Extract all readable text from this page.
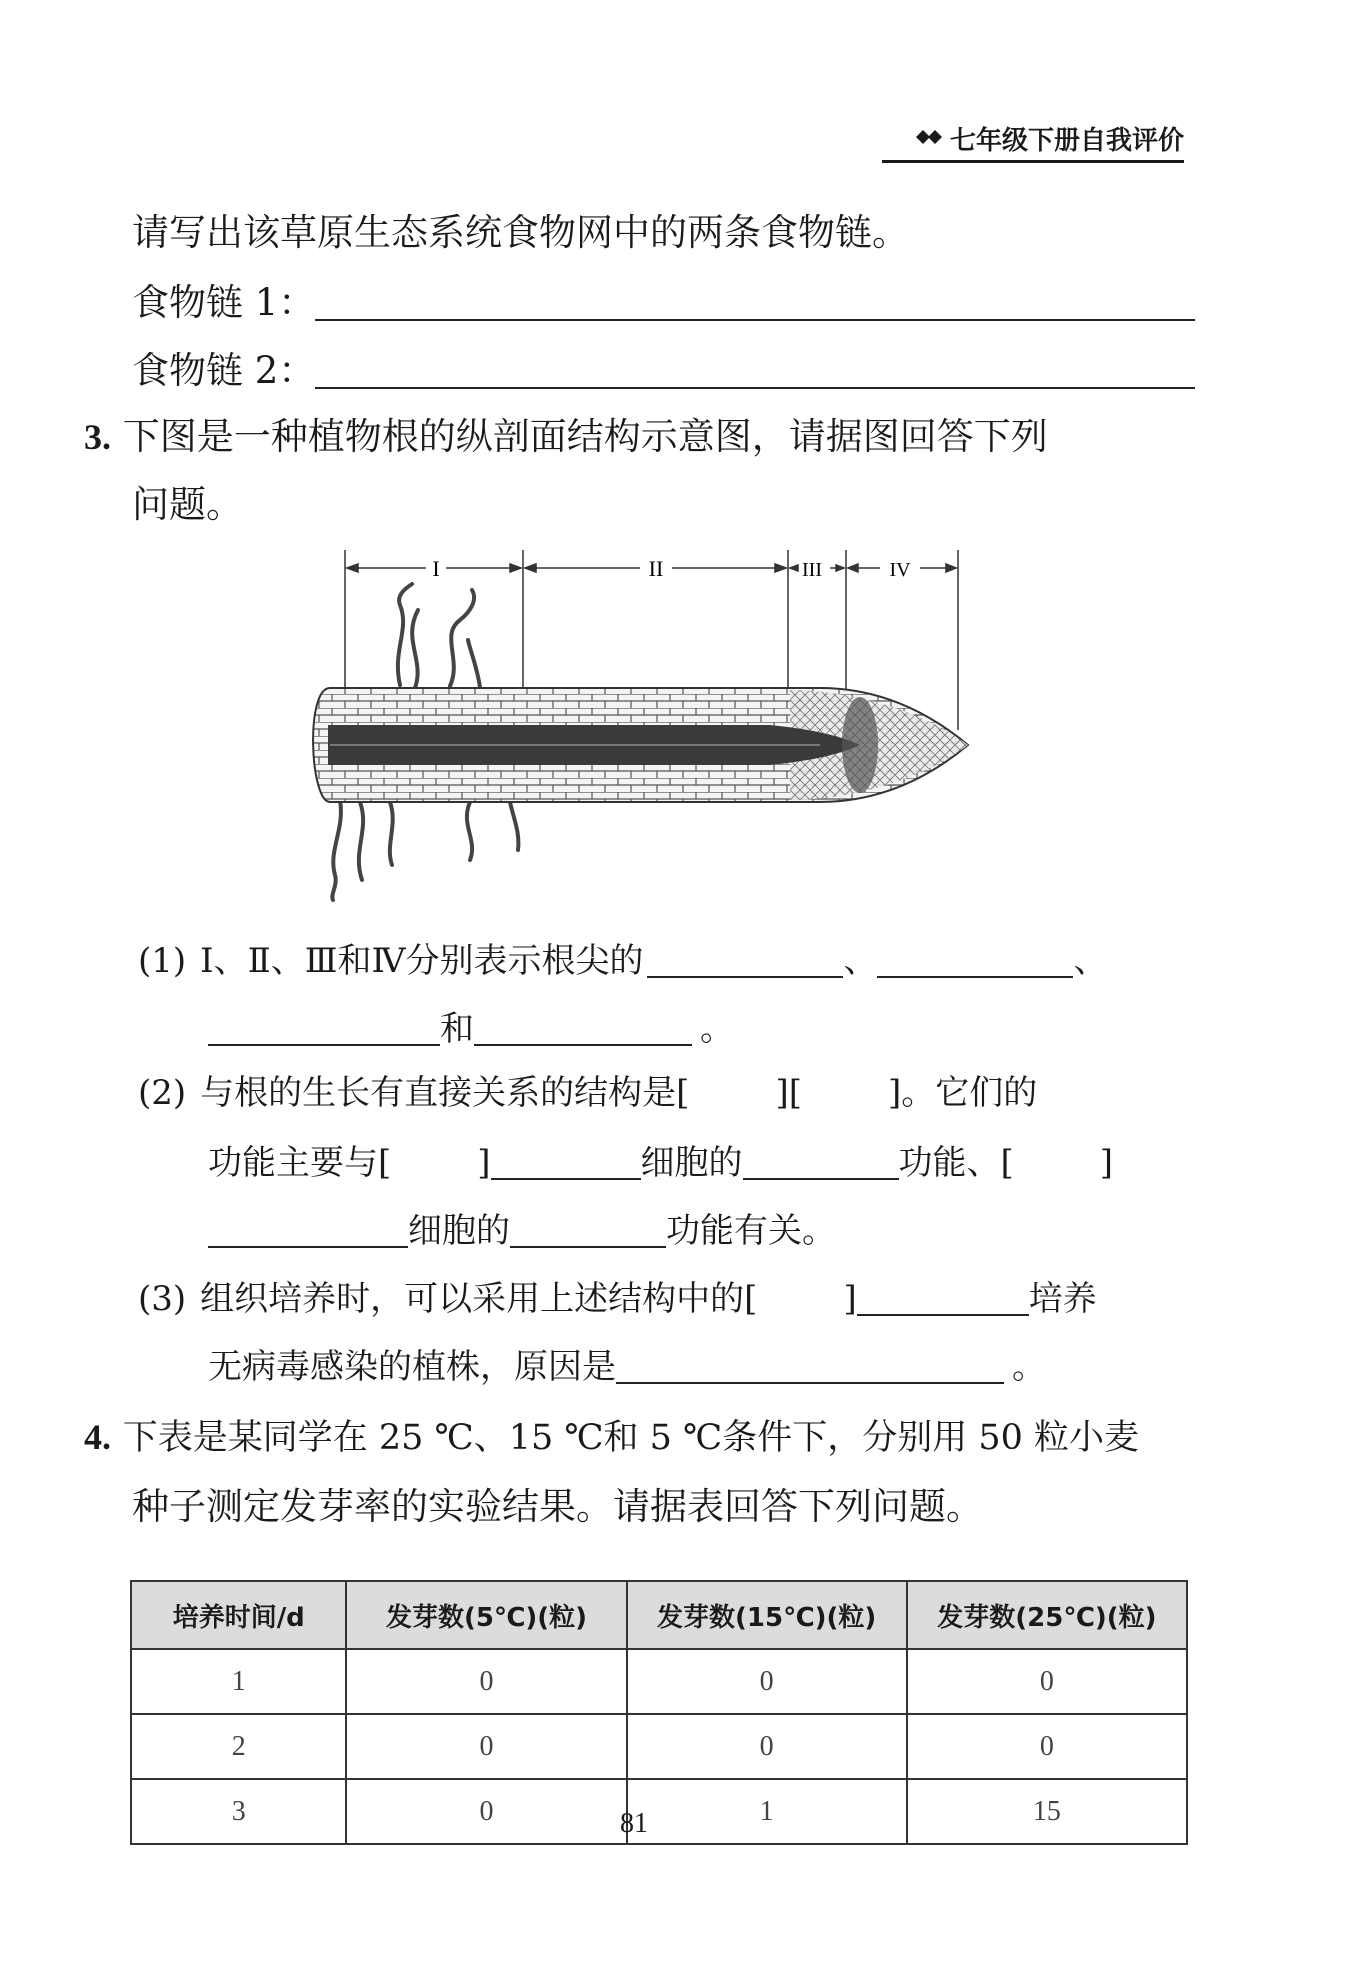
七年级下册自我评价
请写出该草原生态系统食物网中的两条食物链。
食物链 1：
食物链 2：
3. 下图是一种植物根的纵剖面结构示意图，请据图回答下列
问题。
I	II	III	IV
(1) Ⅰ、Ⅱ、Ⅲ和Ⅳ分别表示根尖的	、	、
和	。
(2) 与根的生长有直接关系的结构是[	][	]。它们的
功能主要与[	]	细胞的	功能、[	]
细胞的	功能有关。
(3) 组织培养时，可以采用上述结构中的[	]	培养
无病毒感染的植株，原因是	。
4. 下表是某同学在 25 ℃、15 ℃和 5 ℃条件下，分别用 50 粒小麦
种子测定发芽率的实验结果。请据表回答下列问题。
培养时间/d	发芽数(5℃)(粒)	发芽数(15℃)(粒)	发芽数(25℃)(粒)
1	0	0	0
2	0	0	0
3	0	1	15
81
